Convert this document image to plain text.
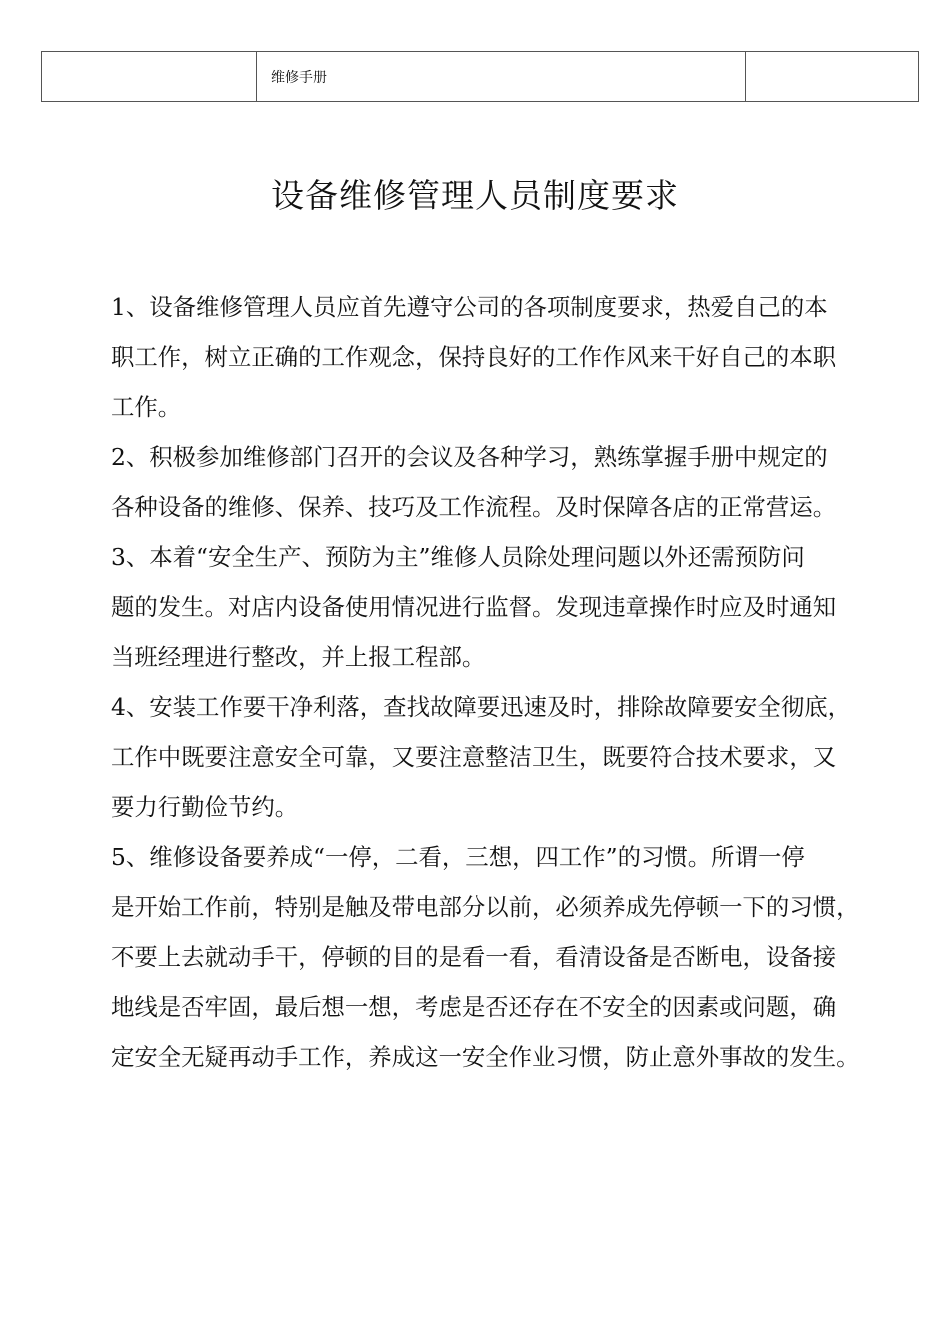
	维修手册	
设备维修管理人员制度要求

1、设备维修管理人员应首先遵守公司的各项制度要求，热爱自己的本
职工作，树立正确的工作观念，保持良好的工作作风来干好自己的本职
工作。

2、积极参加维修部门召开的会议及各种学习，熟练掌握手册中规定的
各种设备的维修、保养、技巧及工作流程。及时保障各店的正常营运。

3、本着“安全生产、预防为主”维修人员除处理问题以外还需预防问
题的发生。对店内设备使用情况进行监督。发现违章操作时应及时通知
当班经理进行整改，并上报工程部。

4、安装工作要干净利落，查找故障要迅速及时，排除故障要安全彻底，
工作中既要注意安全可靠，又要注意整洁卫生，既要符合技术要求，又
要力行勤俭节约。

5、维修设备要养成“一停，二看，三想，四工作”的习惯。所谓一停
是开始工作前，特别是触及带电部分以前，必须养成先停顿一下的习惯，
不要上去就动手干，停顿的目的是看一看，看清设备是否断电，设备接
地线是否牢固，最后想一想，考虑是否还存在不安全的因素或问题，确
定安全无疑再动手工作，养成这一安全作业习惯，防止意外事故的发生。
